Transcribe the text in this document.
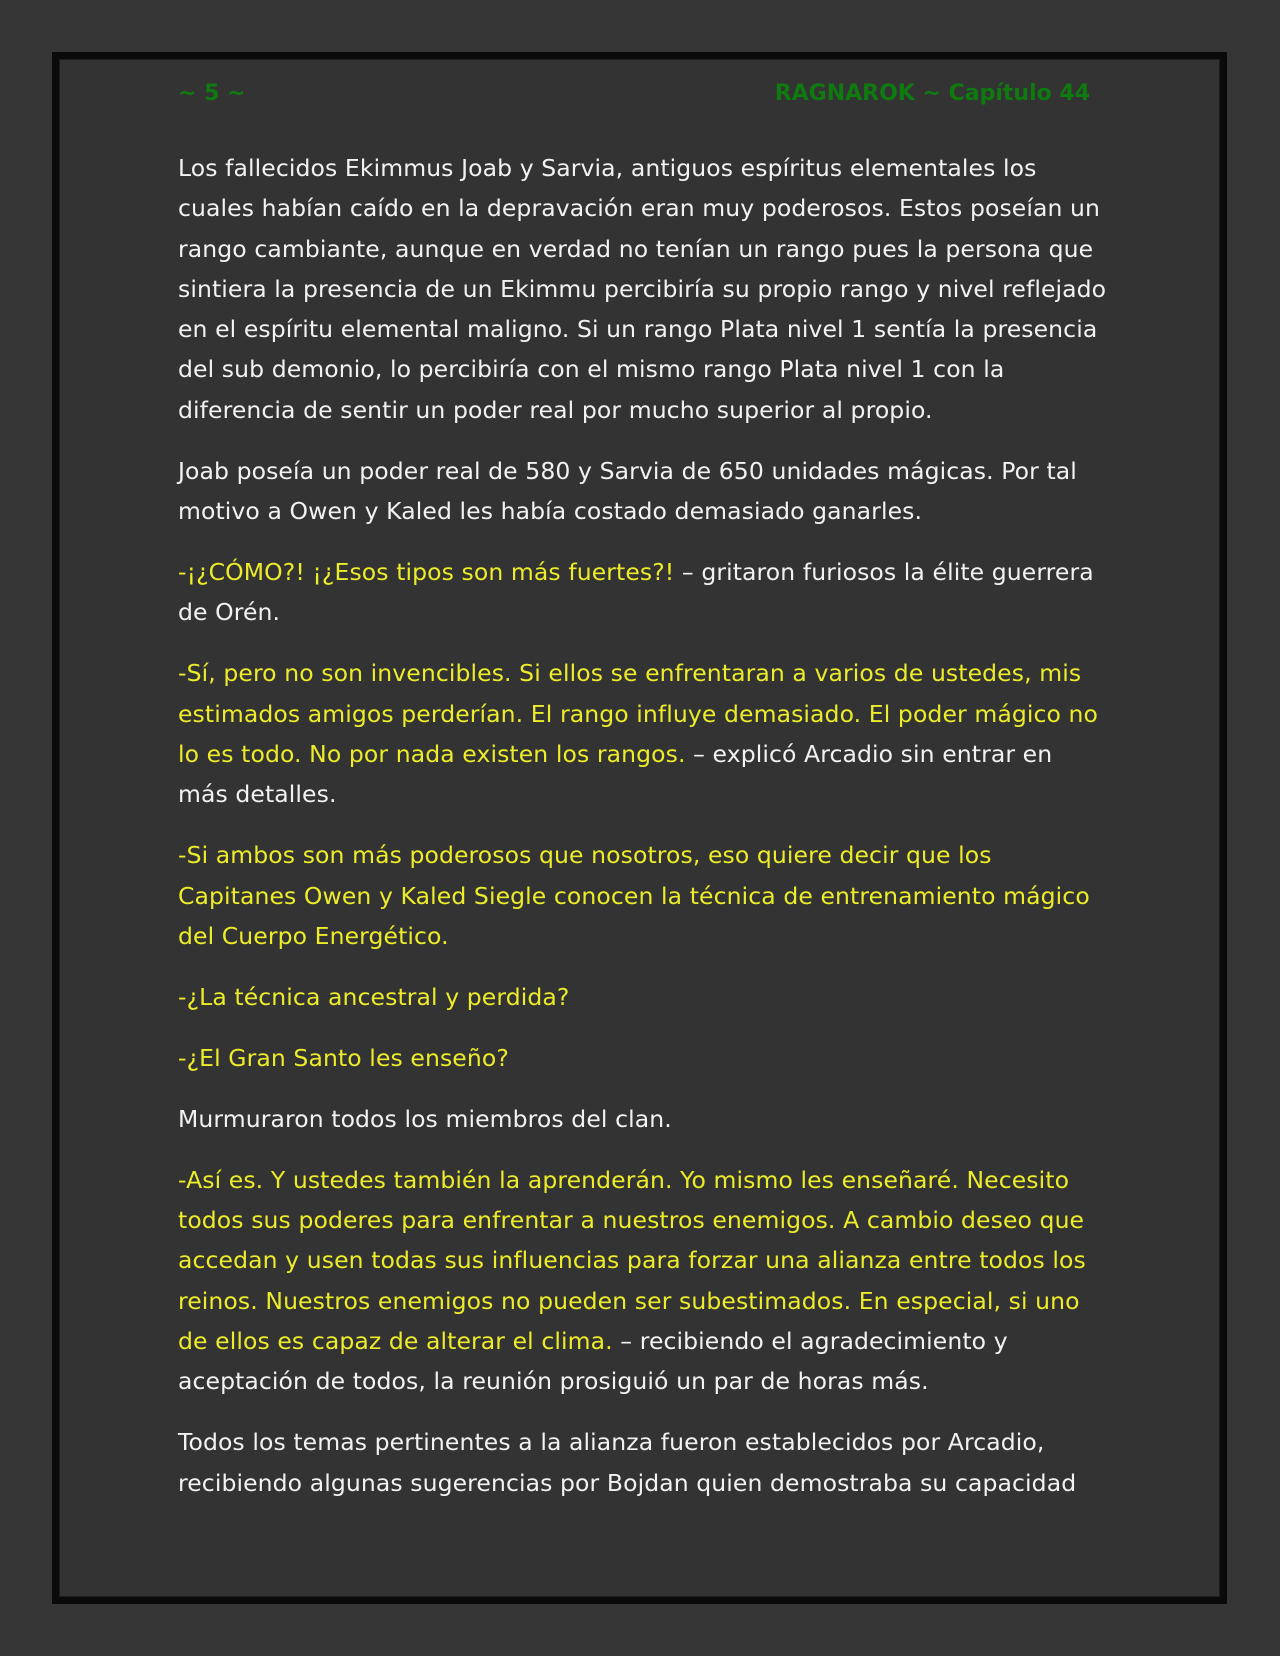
~ 5 ~	RAGNAROK ~ Capítulo 44

Los fallecidos Ekimmus Joab y Sarvia, antiguos espíritus elementales los cuales habían caído en la depravación eran muy poderosos. Estos poseían un rango cambiante, aunque en verdad no tenían un rango pues la persona que sintiera la presencia de un Ekimmu percibiría su propio rango y nivel reflejado en el espíritu elemental maligno. Si un rango Plata nivel 1 sentía la presencia del sub demonio, lo percibiría con el mismo rango Plata nivel 1 con la diferencia de sentir un poder real por mucho superior al propio.

Joab poseía un poder real de 580 y Sarvia de 650 unidades mágicas. Por tal motivo a Owen y Kaled les había costado demasiado ganarles.

-¡¿CÓMO?! ¡¿Esos tipos son más fuertes?! – gritaron furiosos la élite guerrera de Orén.

-Sí, pero no son invencibles. Si ellos se enfrentaran a varios de ustedes, mis estimados amigos perderían. El rango influye demasiado. El poder mágico no lo es todo. No por nada existen los rangos. – explicó Arcadio sin entrar en más detalles.

-Si ambos son más poderosos que nosotros, eso quiere decir que los Capitanes Owen y Kaled Siegle conocen la técnica de entrenamiento mágico del Cuerpo Energético.

-¿La técnica ancestral y perdida?

-¿El Gran Santo les enseño?

Murmuraron todos los miembros del clan.

-Así es. Y ustedes también la aprenderán. Yo mismo les enseñaré. Necesito todos sus poderes para enfrentar a nuestros enemigos. A cambio deseo que accedan y usen todas sus influencias para forzar una alianza entre todos los reinos. Nuestros enemigos no pueden ser subestimados. En especial, si uno de ellos es capaz de alterar el clima. – recibiendo el agradecimiento y aceptación de todos, la reunión prosiguió un par de horas más.

Todos los temas pertinentes a la alianza fueron establecidos por Arcadio, recibiendo algunas sugerencias por Bojdan quien demostraba su capacidad
